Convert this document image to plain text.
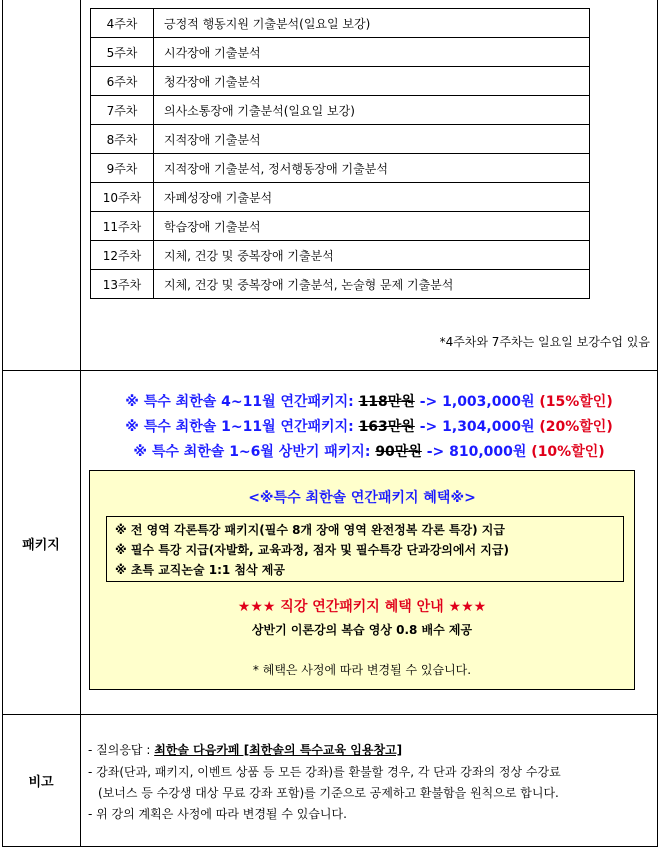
4주차	긍정적 행동지원 기출분석(일요일 보강)
5주차	시각장애 기출분석
6주차	청각장애 기출분석
7주차	의사소통장애 기출분석(일요일 보강)
8주차	지적장애 기출분석
9주차	지적장애 기출분석, 정서행동장애 기출분석
10주차	자폐성장애 기출분석
11주차	학습장애 기출분석
12주차	지체, 건강 및 중복장애 기출분석
13주차	지체, 건강 및 중복장애 기출분석, 논술형 문제 기출분석
*4주차와 7주차는 일요일 보강수업 있음
패키지
※ 특수 최한솔 4~11월 연간패키지: 118만원 -> 1,003,000원 (15%할인)
※ 특수 최한솔 1~11월 연간패키지: 163만원 -> 1,304,000원 (20%할인)
※ 특수 최한솔 1~6월 상반기 패키지: 90만원 -> 810,000원 (10%할인)
<※특수 최한솔 연간패키지 혜택※>
※ 전 영역 각론특강 패키지(필수 8개 장애 영역 완전정복 각론 특강) 지급
※ 필수 특강 지급(자발화, 교육과정, 점자 및 필수특강 단과강의에서 지급)
※ 초특 교직논술 1:1 첨삭 제공
★★★ 직강 연간패키지 혜택 안내 ★★★
상반기 이론강의 복습 영상 0.8 배수 제공
* 혜택은 사정에 따라 변경될 수 있습니다.
비고
- 질의응답 : 최한솔 다음카페 [최한솔의 특수교육 임용창고]
- 강좌(단과, 패키지, 이벤트 상품 등 모든 강좌)를 환불할 경우, 각 단과 강좌의 정상 수강료
(보너스 등 수강생 대상 무료 강좌 포함)를 기준으로 공제하고 환불함을 원칙으로 합니다.
- 위 강의 계획은 사정에 따라 변경될 수 있습니다.
